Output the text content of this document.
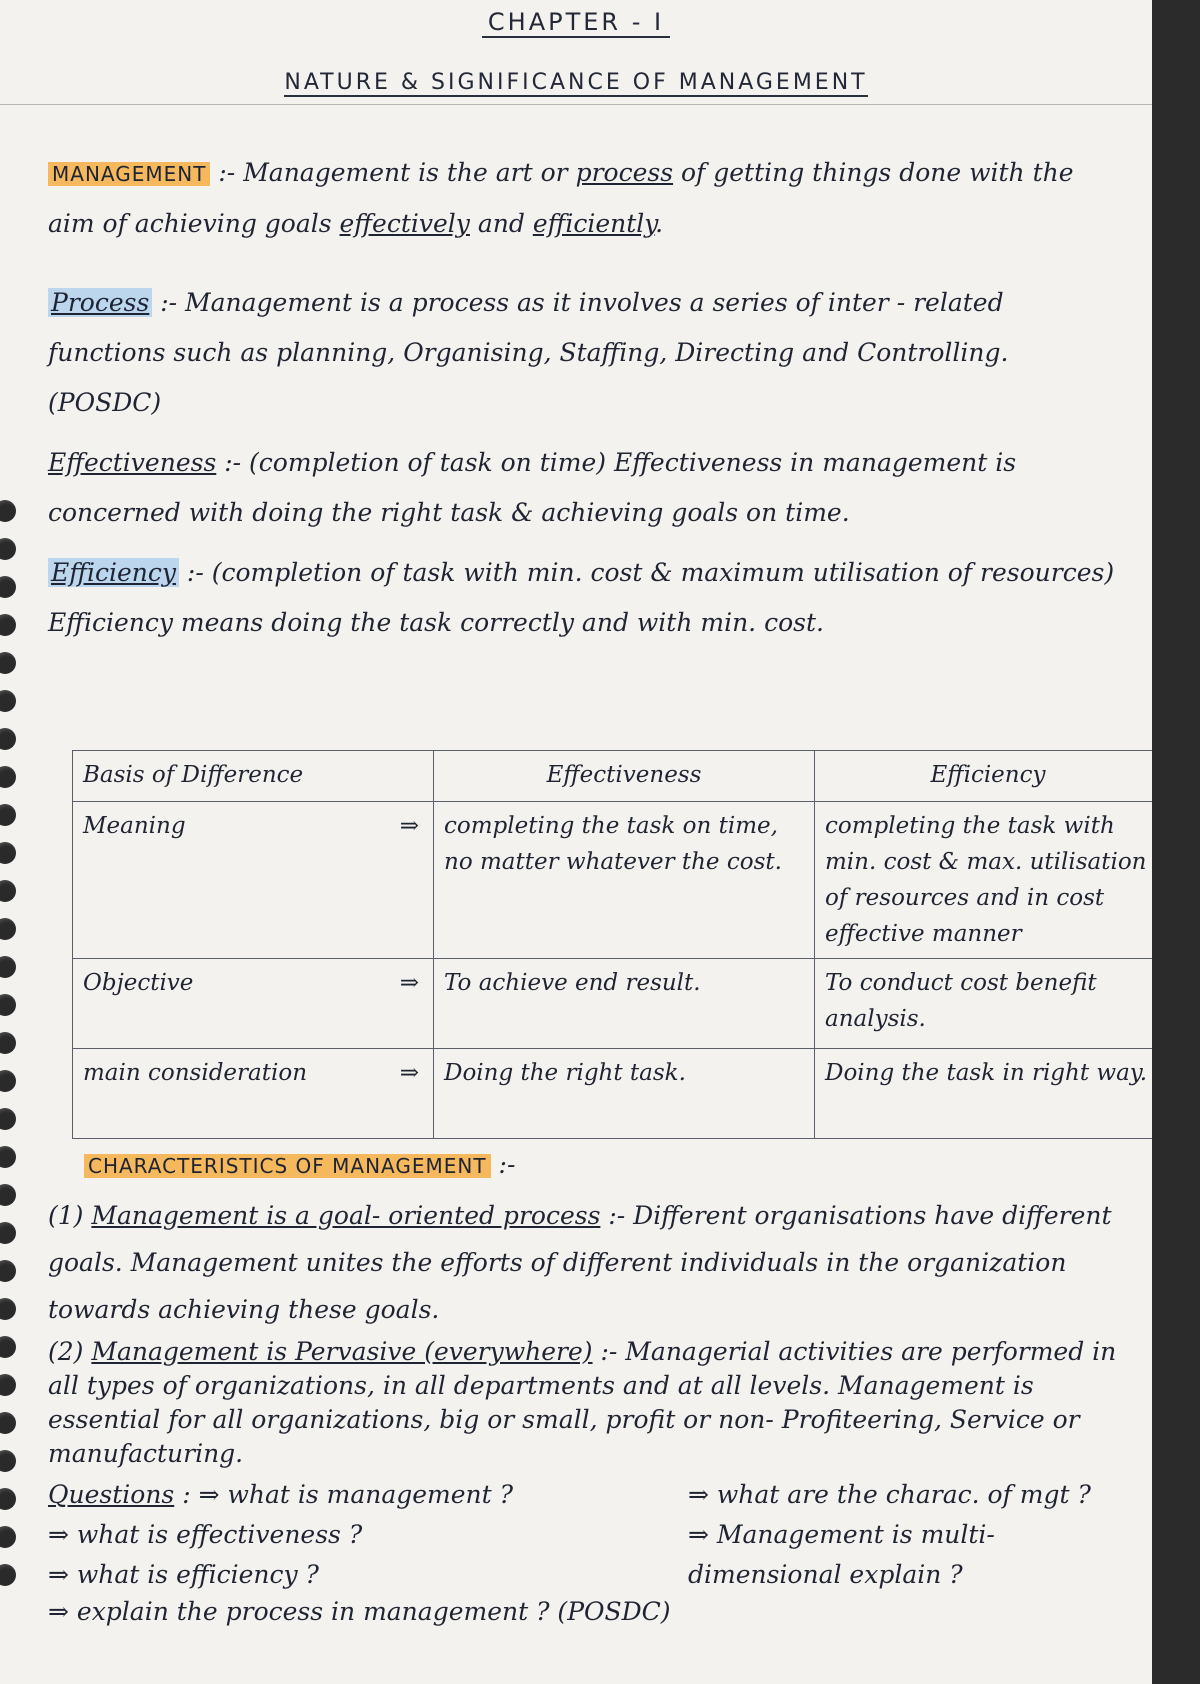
CHAPTER - I
NATURE & SIGNIFICANCE OF MANAGEMENT
MANAGEMENT :- Management is the art or process of getting things done with the aim of achieving goals effectively and efficiently.
Process :- Management is a process as it involves a series of inter - related functions such as planning, Organising, Staffing, Directing and Controlling. (POSDC)
Effectiveness :- (completion of task on time) Effectiveness in management is concerned with doing the right task & achieving goals on time.
Efficiency :- (completion of task with min. cost & maximum utilisation of resources) Efficiency means doing the task correctly and with min. cost.
Basis of Difference	Effectiveness	Efficiency

⇒
Meaning	completing the task on time, no matter whatever the cost.	completing the task with min. cost & max. utilisation of resources and in cost effective manner

⇒
Objective	To achieve end result.	To conduct cost benefit analysis.

⇒
main consideration	Doing the right task.	Doing the task in right way.
CHARACTERISTICS OF MANAGEMENT :-
(1) Management is a goal- oriented process :- Different organisations have different goals. Management unites the efforts of different individuals in the organization towards achieving these goals.
(2) Management is Pervasive (everywhere) :- Managerial activities are performed in all types of organizations, in all departments and at all levels. Management is essential for all organizations, big or small, profit or non- Profiteering, Service or manufacturing.
Questions : ⇒ what is management ?
⇒ what is effectiveness ?
⇒ what is efficiency ?
⇒ explain the process in management ? (POSDC)
⇒ what are the charac. of mgt ?
⇒ Management is multi- dimensional explain ?
